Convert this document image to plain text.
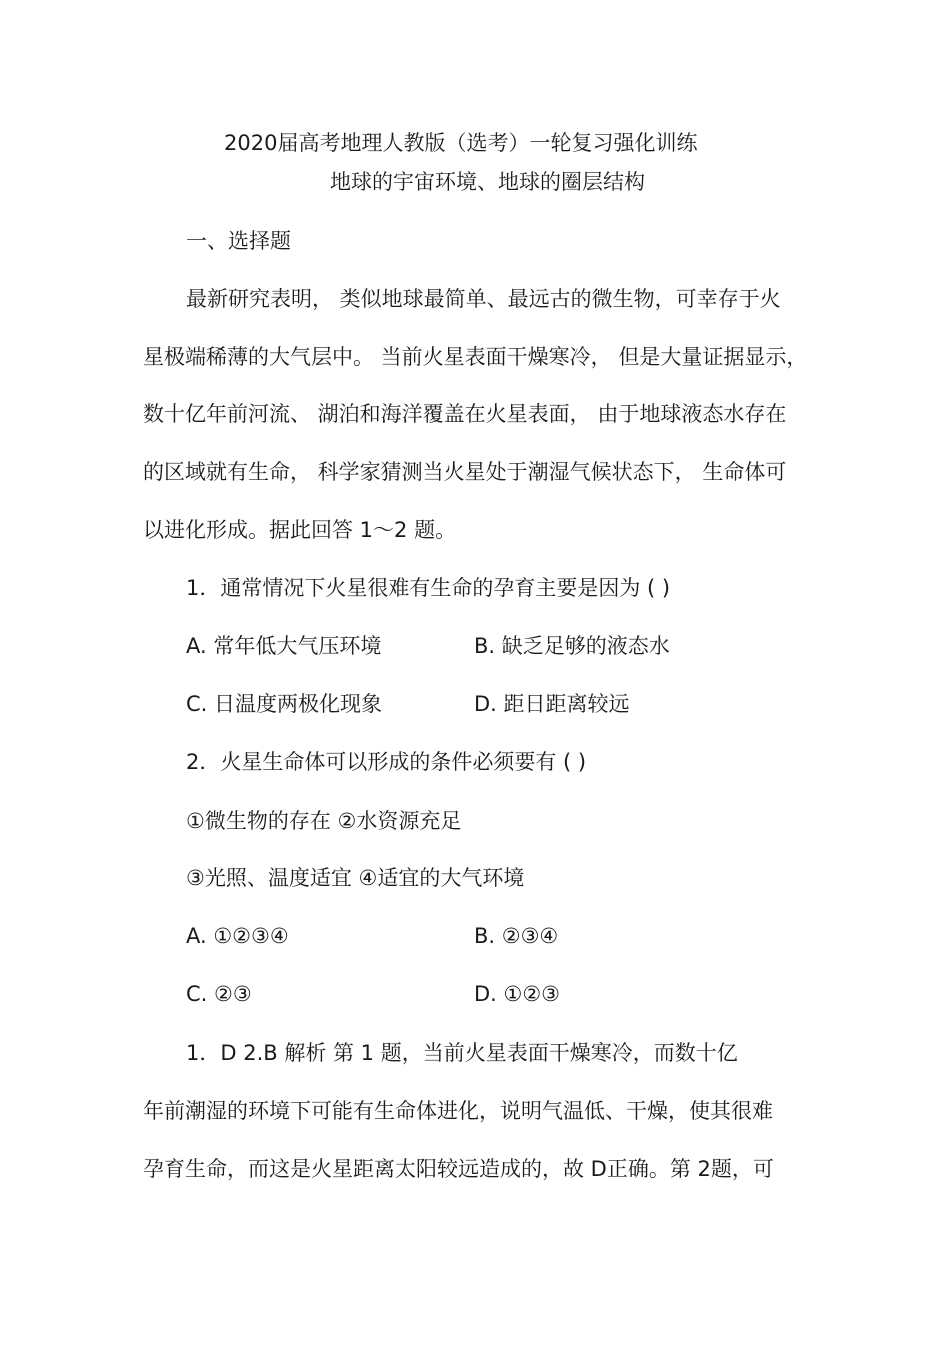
2020届高考地理人教版（选考）一轮复习强化训练
地球的宇宙环境、地球的圈层结构
一、选择题
最新研究表明， 类似地球最简单、最远古的微生物，可幸存于火
星极端稀薄的大气层中。 当前火星表面干燥寒冷， 但是大量证据显示，
数十亿年前河流、 湖泊和海洋覆盖在火星表面， 由于地球液态水存在
的区域就有生命， 科学家猜测当火星处于潮湿气候状态下， 生命体可
以进化形成。据此回答 1～2 题。
1．通常情况下火星很难有生命的孕育主要是因为 ( )
A. 常年低大气压环境	B. 缺乏足够的液态水
C. 日温度两极化现象	D. 距日距离较远
2．火星生命体可以形成的条件必须要有 ( )
①微生物的存在 ②水资源充足
③光照、温度适宜 ④适宜的大气环境
A. ①②③④	B. ②③④
C. ②③	D. ①②③
1．D 2.B 解析 第 1 题，当前火星表面干燥寒冷，而数十亿
年前潮湿的环境下可能有生命体进化，说明气温低、干燥，使其很难
孕育生命，而这是火星距离太阳较远造成的，故 D正确。第 2题，可
